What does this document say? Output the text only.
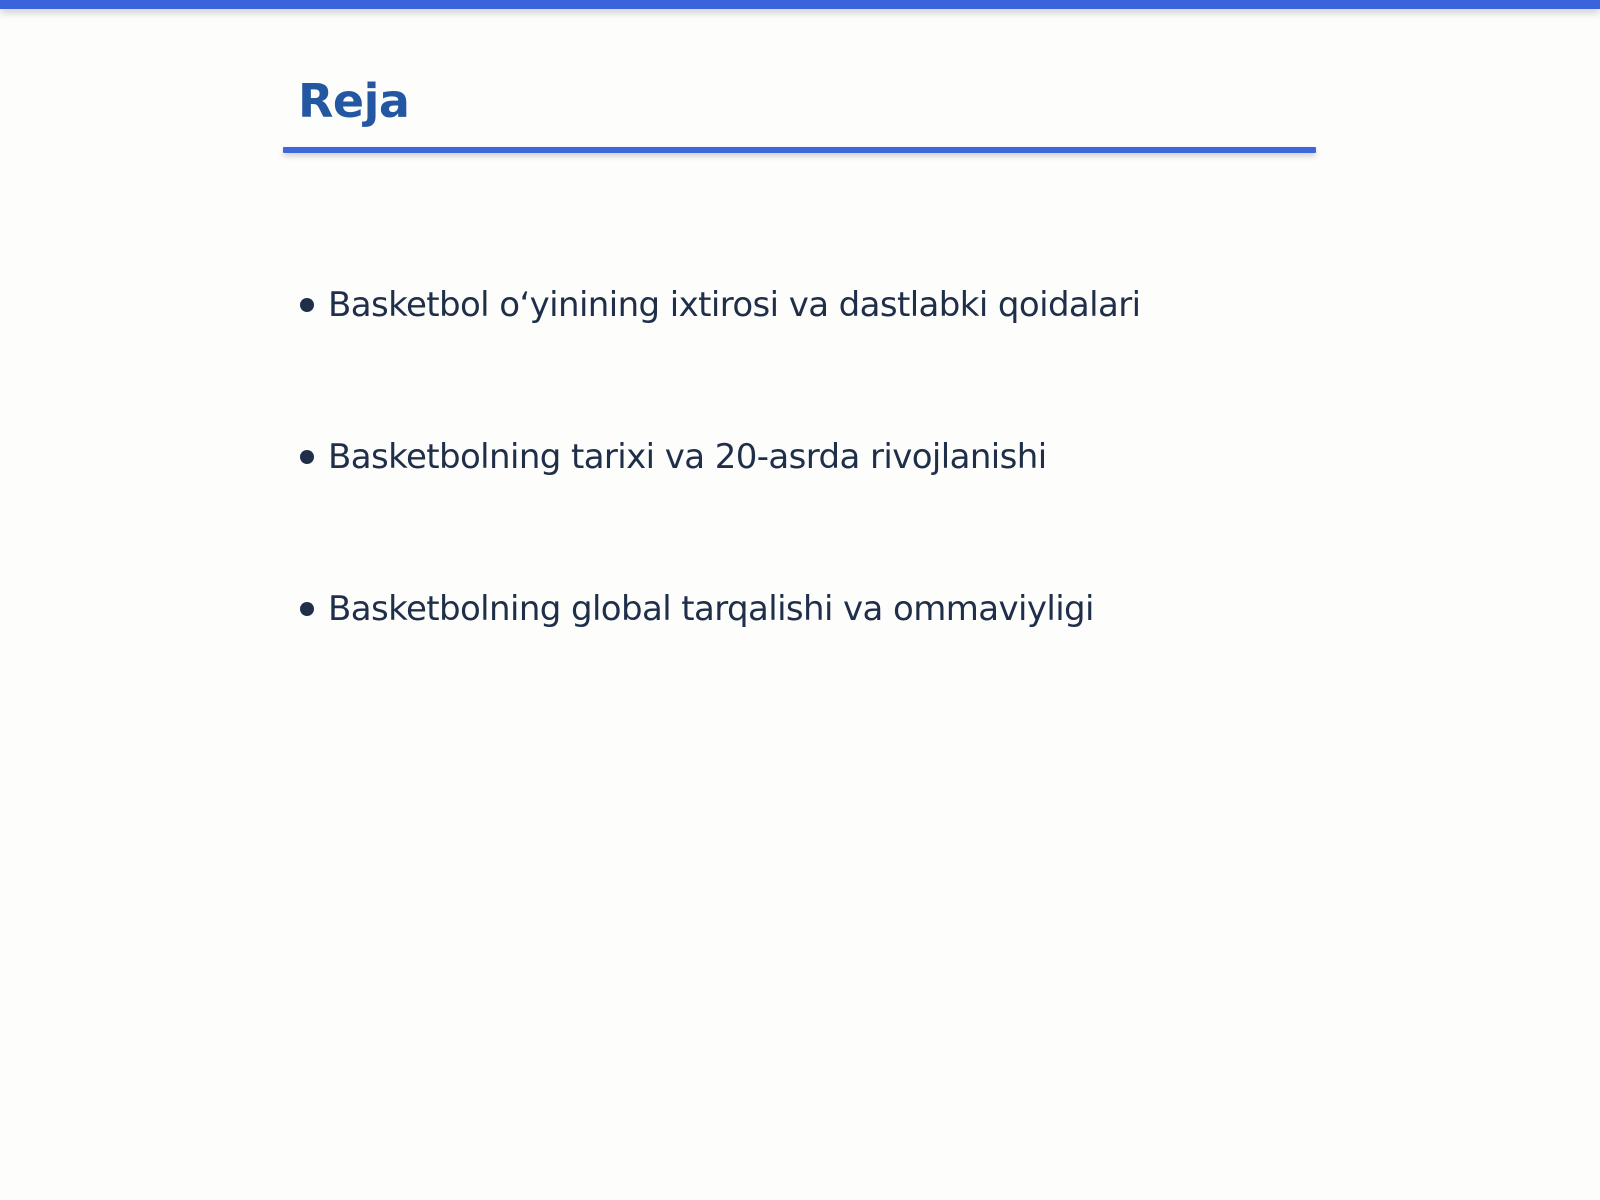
Reja
Basketbol o‘yinining ixtirosi va dastlabki qoidalari
Basketbolning tarixi va 20-asrda rivojlanishi
Basketbolning global tarqalishi va ommaviyligi
